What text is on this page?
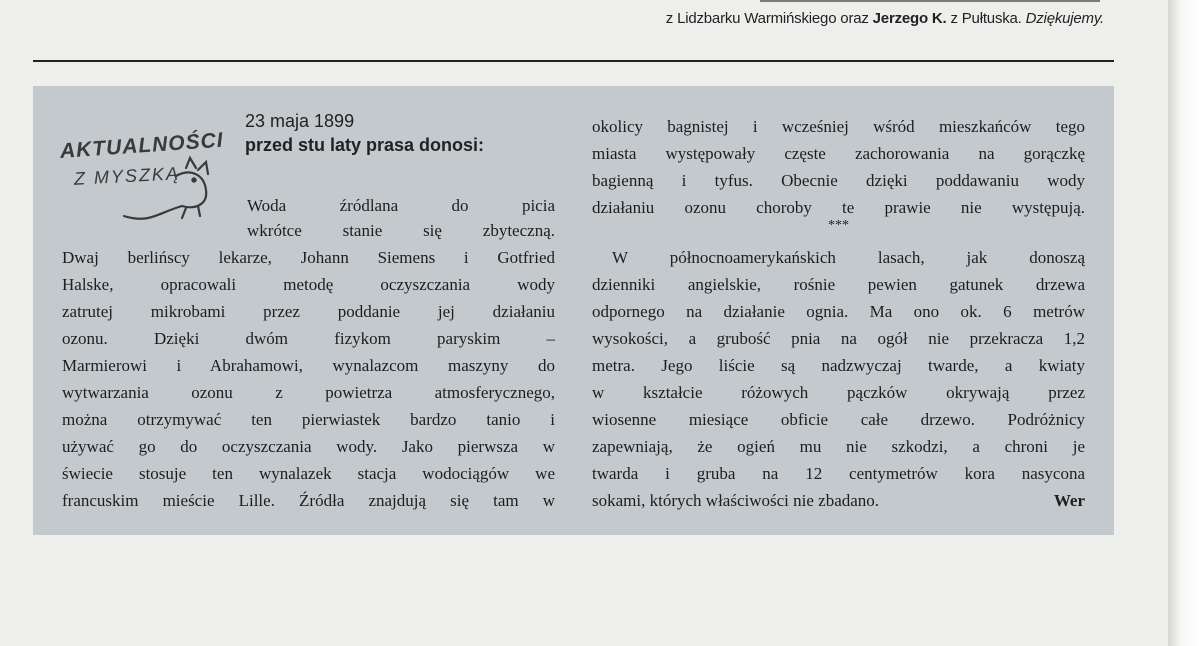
z Lidzbarku Warmińskiego oraz Jerzego K. z Pułtuska. Dziękujemy.
AKTUALNOŚCI
Z MYSZKĄ
23 maja 1899
przed stu laty prasa donosi:
Woda źródlana do picia
wkrótce stanie się zbyteczną.
Dwaj berlińscy lekarze, Johann Siemens i Gotfried
Halske, opracowali metodę oczyszczania wody
zatrutej mikrobami przez poddanie jej działaniu
ozonu. Dzięki dwóm fizykom paryskim –
Marmierowi i Abrahamowi, wynalazcom maszyny do
wytwarzania ozonu z powietrza atmosferycznego,
można otrzymywać ten pierwiastek bardzo tanio i
używać go do oczyszczania wody. Jako pierwsza w
świecie stosuje ten wynalazek stacja wodociągów we
francuskim mieście Lille. Źródła znajdują się tam w
okolicy bagnistej i wcześniej wśród mieszkańców tego
miasta występowały częste zachorowania na gorączkę
bagienną i tyfus. Obecnie dzięki poddawaniu wody
działaniu ozonu choroby te prawie nie występują.
***
W północnoamerykańskich lasach, jak donoszą
dzienniki angielskie, rośnie pewien gatunek drzewa
odpornego na działanie ognia. Ma ono ok. 6 metrów
wysokości, a grubość pnia na ogół nie przekracza 1,2
metra. Jego liście są nadzwyczaj twarde, a kwiaty
w kształcie różowych pączków okrywają przez
wiosenne miesiące obficie całe drzewo. Podróżnicy
zapewniają, że ogień mu nie szkodzi, a chroni je
twarda i gruba na 12 centymetrów kora nasycona
sokami, których właściwości nie zbadano.	Wer
